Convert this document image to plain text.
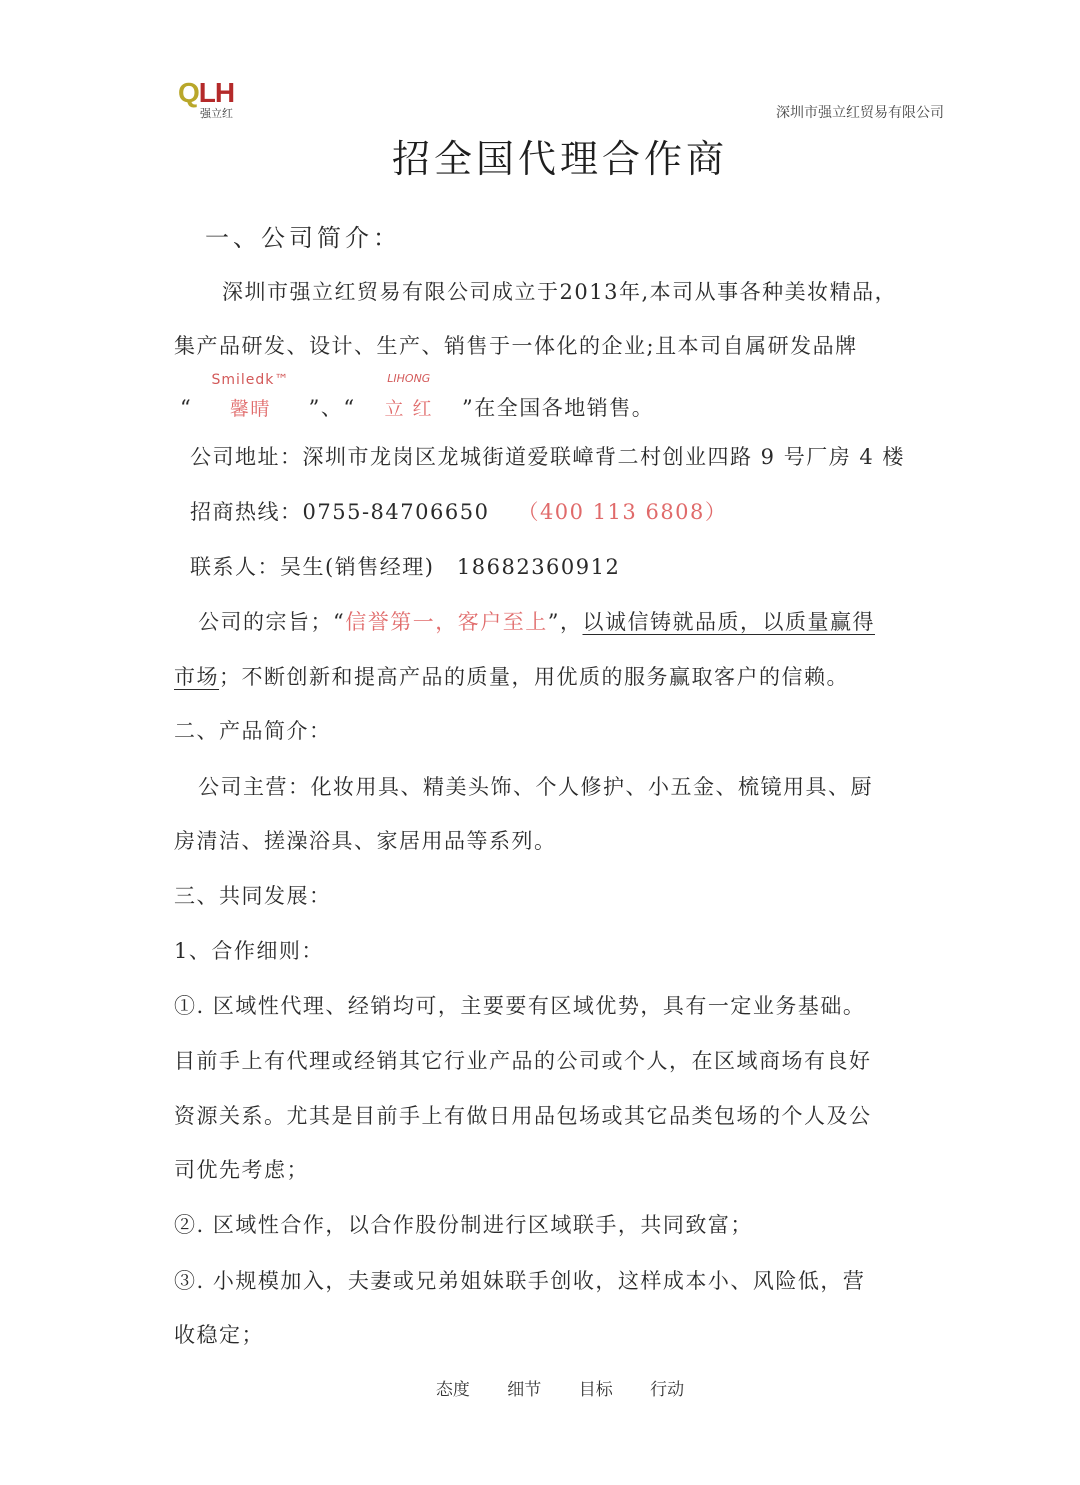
QLH
强立红	深圳市强立红贸易有限公司
招全国代理合作商
一、公司简介：
深圳市强立红贸易有限公司成立于2013年,本司从事各种美妆精品，
集产品研发、设计、生产、销售于一体化的企业;且本司自属研发品牌
“
Smiledk™
馨晴 ”、“
LIHONG
立 红 ”在全国各地销售。
公司地址：深圳市龙岗区龙城街道爱联嶂背二村创业四路 9 号厂房 4 楼
招商热线：0755-84706650 （400 113 6808）
联系人：吴生(销售经理)　18682360912
公司的宗旨；“信誉第一，客户至上”，以诚信铸就品质，以质量赢得
市场；不断创新和提高产品的质量，用优质的服务赢取客户的信赖。
二、产品简介：
公司主营：化妆用具、精美头饰、个人修护、小五金、梳镜用具、厨
房清洁、搓澡浴具、家居用品等系列。
三、共同发展：
1、合作细则：
①. 区域性代理、经销均可，主要要有区域优势，具有一定业务基础。
目前手上有代理或经销其它行业产品的公司或个人，在区域商场有良好
资源关系。尤其是目前手上有做日用品包场或其它品类包场的个人及公
司优先考虑；
②. 区域性合作，以合作股份制进行区域联手，共同致富；
③. 小规模加入，夫妻或兄弟姐妹联手创收，这样成本小、风险低，营
收稳定；
态度 细节 目标 行动
